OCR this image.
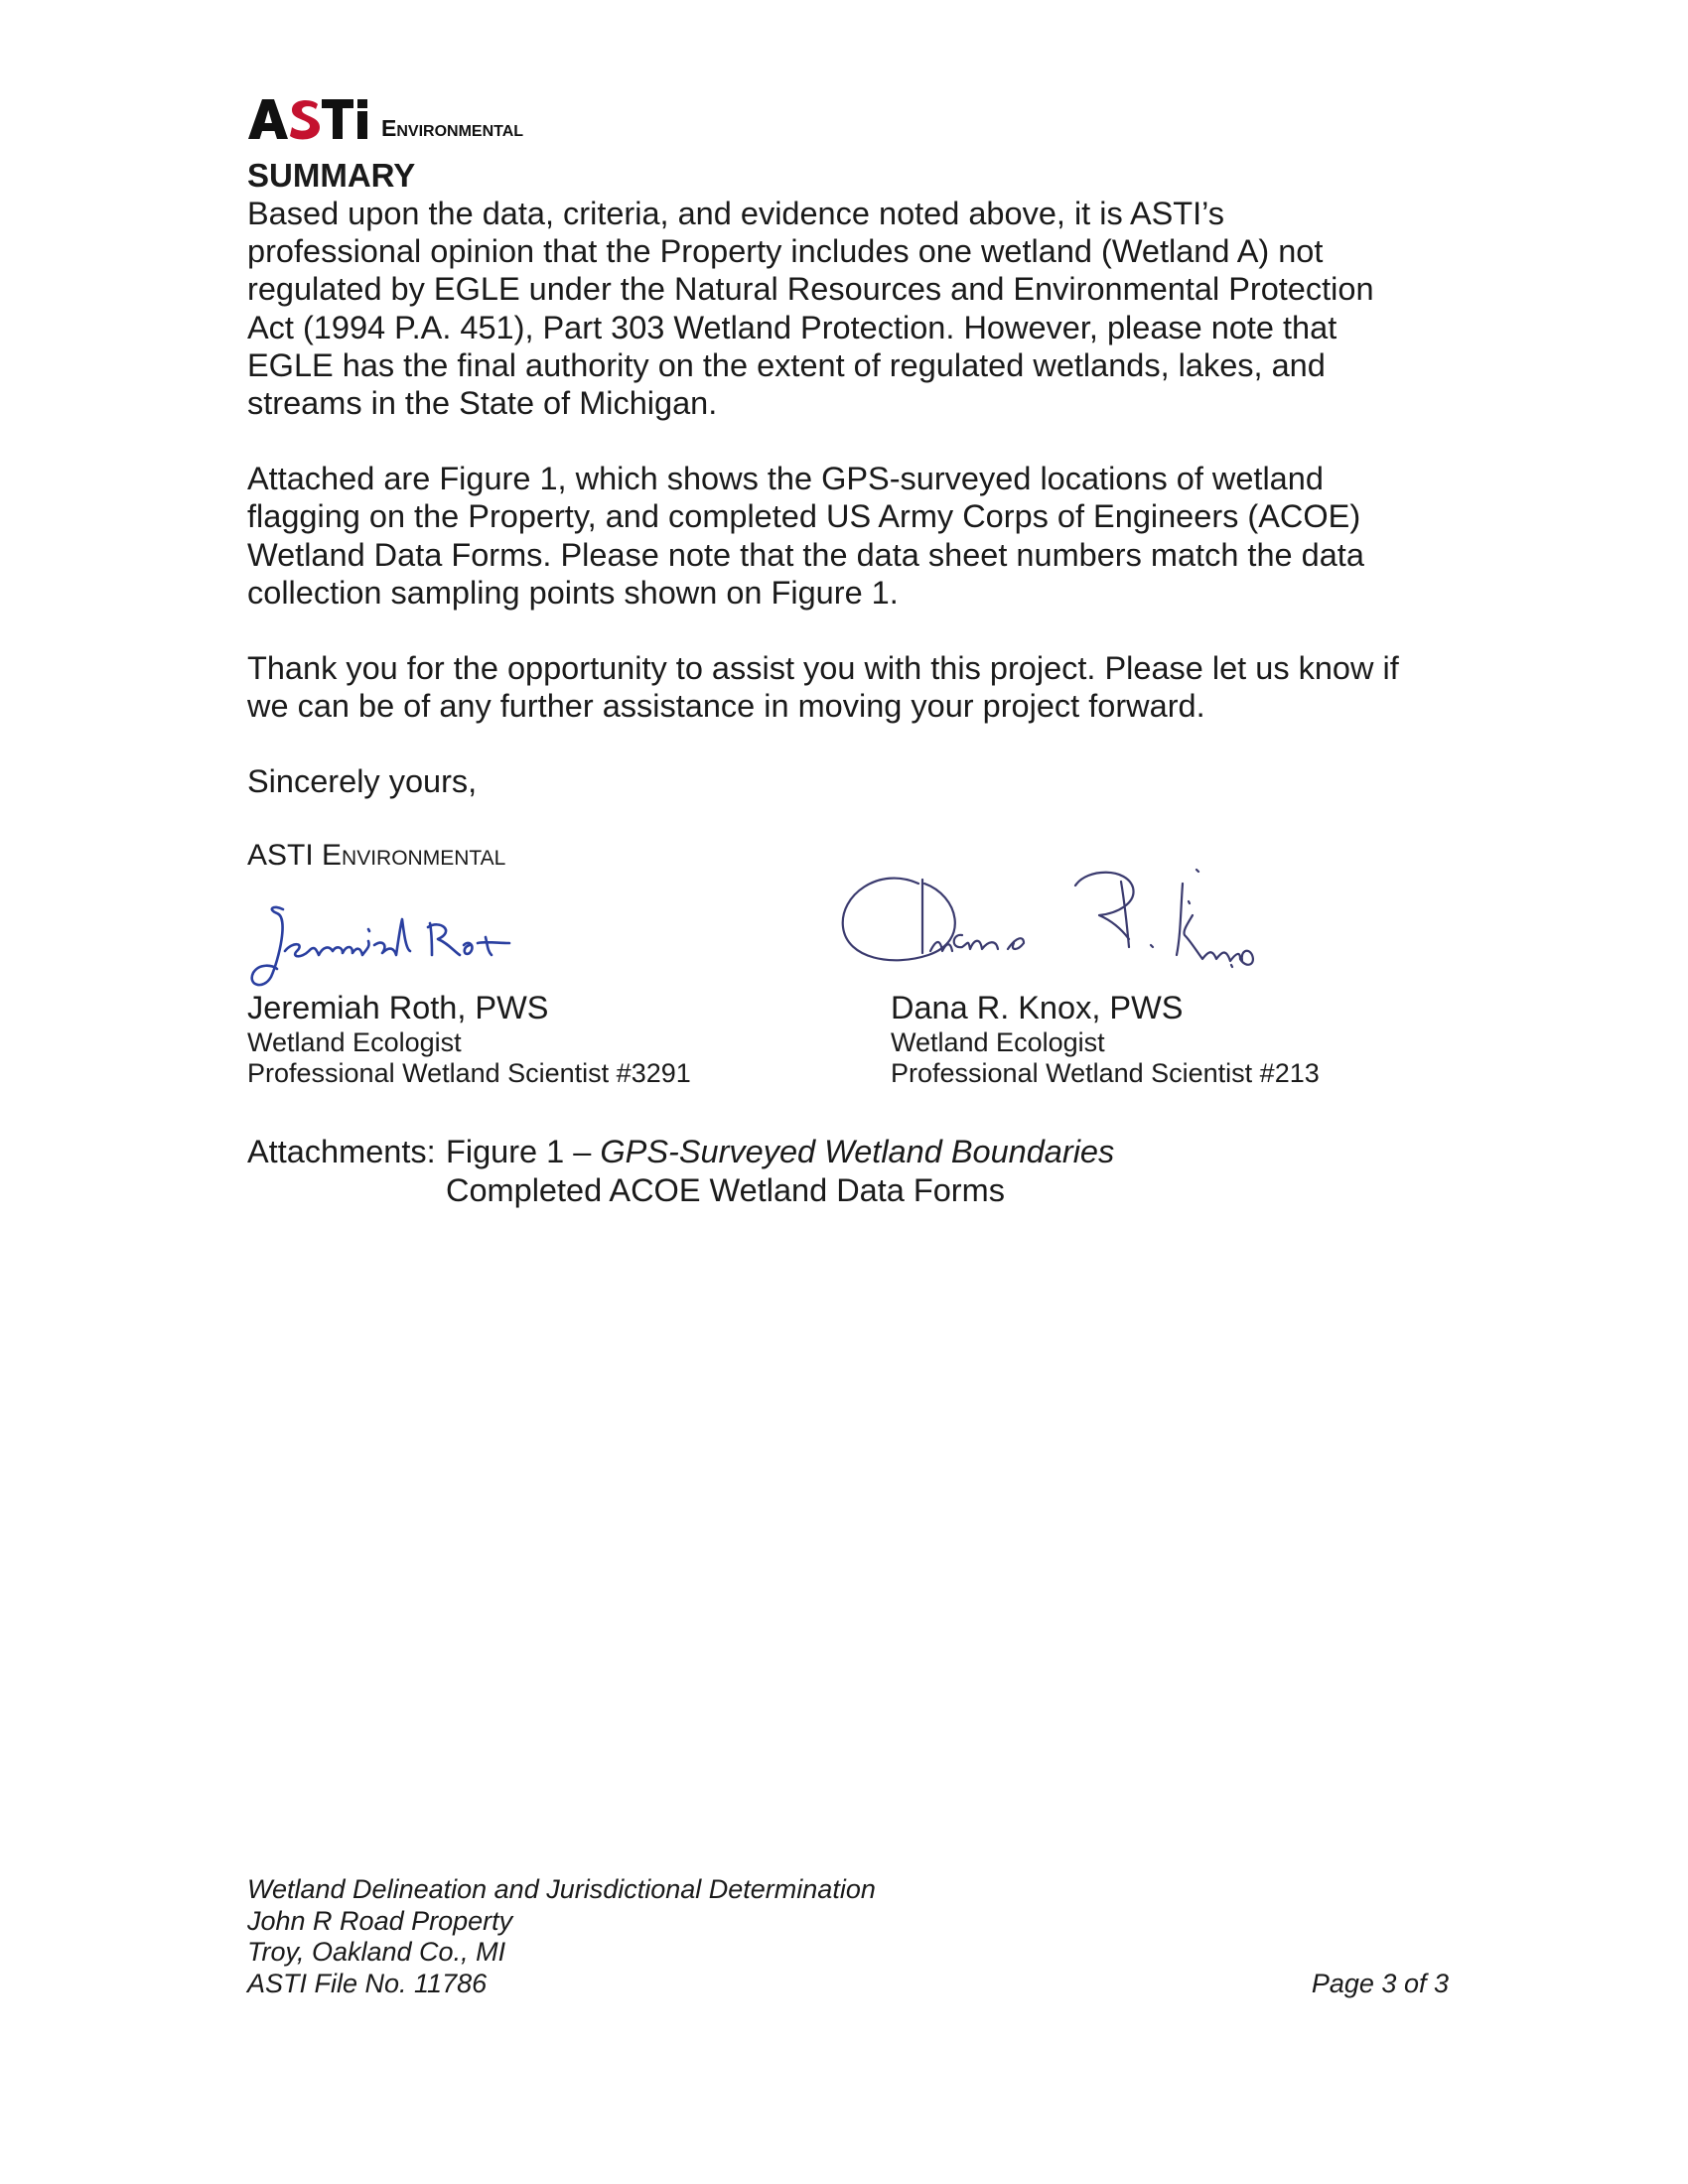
Environmental

SUMMARY

Based upon the data, criteria, and evidence noted above, it is ASTI’s
professional opinion that the Property includes one wetland (Wetland A) not
regulated by EGLE under the Natural Resources and Environmental Protection
Act (1994 P.A. 451), Part 303 Wetland Protection. However, please note that
EGLE has the final authority on the extent of regulated wetlands, lakes, and
streams in the State of Michigan.

Attached are Figure 1, which shows the GPS-surveyed locations of wetland
flagging on the Property, and completed US Army Corps of Engineers (ACOE)
Wetland Data Forms. Please note that the data sheet numbers match the data
collection sampling points shown on Figure 1.

Thank you for the opportunity to assist you with this project. Please let us know if
we can be of any further assistance in moving your project forward.

Sincerely yours,

ASTI Environmental

Jeremiah Roth, PWS

Wetland Ecologist

Professional Wetland Scientist #3291

Dana R. Knox, PWS

Wetland Ecologist

Professional Wetland Scientist #213

Attachments: Figure 1 – GPS-Surveyed Wetland Boundaries
Completed ACOE Wetland Data Forms
Wetland Delineation and Jurisdictional Determination
John R Road Property
Troy, Oakland Co., MI
ASTI File No. 11786	Page 3 of 3
